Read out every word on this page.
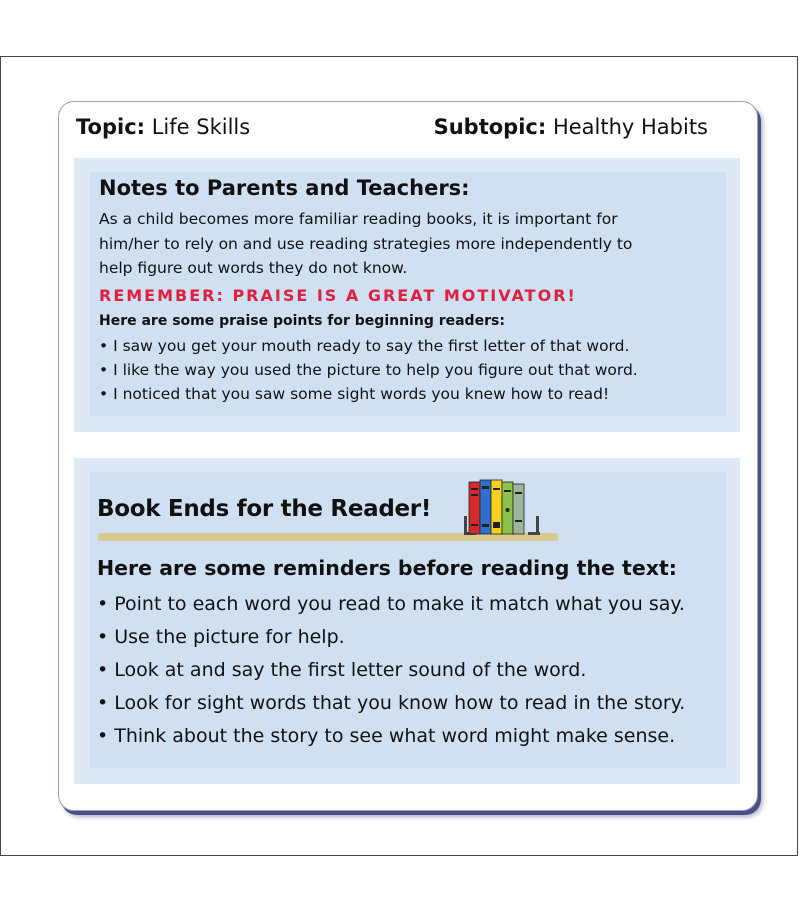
Topic: Life Skills	Subtopic: Healthy Habits
Notes to Parents and Teachers:
As a child becomes more familiar reading books, it is important for
him/her to rely on and use reading strategies more independently to
help figure out words they do not know.
REMEMBER: PRAISE IS A GREAT MOTIVATOR!
Here are some praise points for beginning readers:
• I saw you get your mouth ready to say the first letter of that word.
• I like the way you used the picture to help you figure out that word.
• I noticed that you saw some sight words you knew how to read!
Book Ends for the Reader!
Here are some reminders before reading the text:
• Point to each word you read to make it match what you say.
• Use the picture for help.
• Look at and say the first letter sound of the word.
• Look for sight words that you know how to read in the story.
• Think about the story to see what word might make sense.
